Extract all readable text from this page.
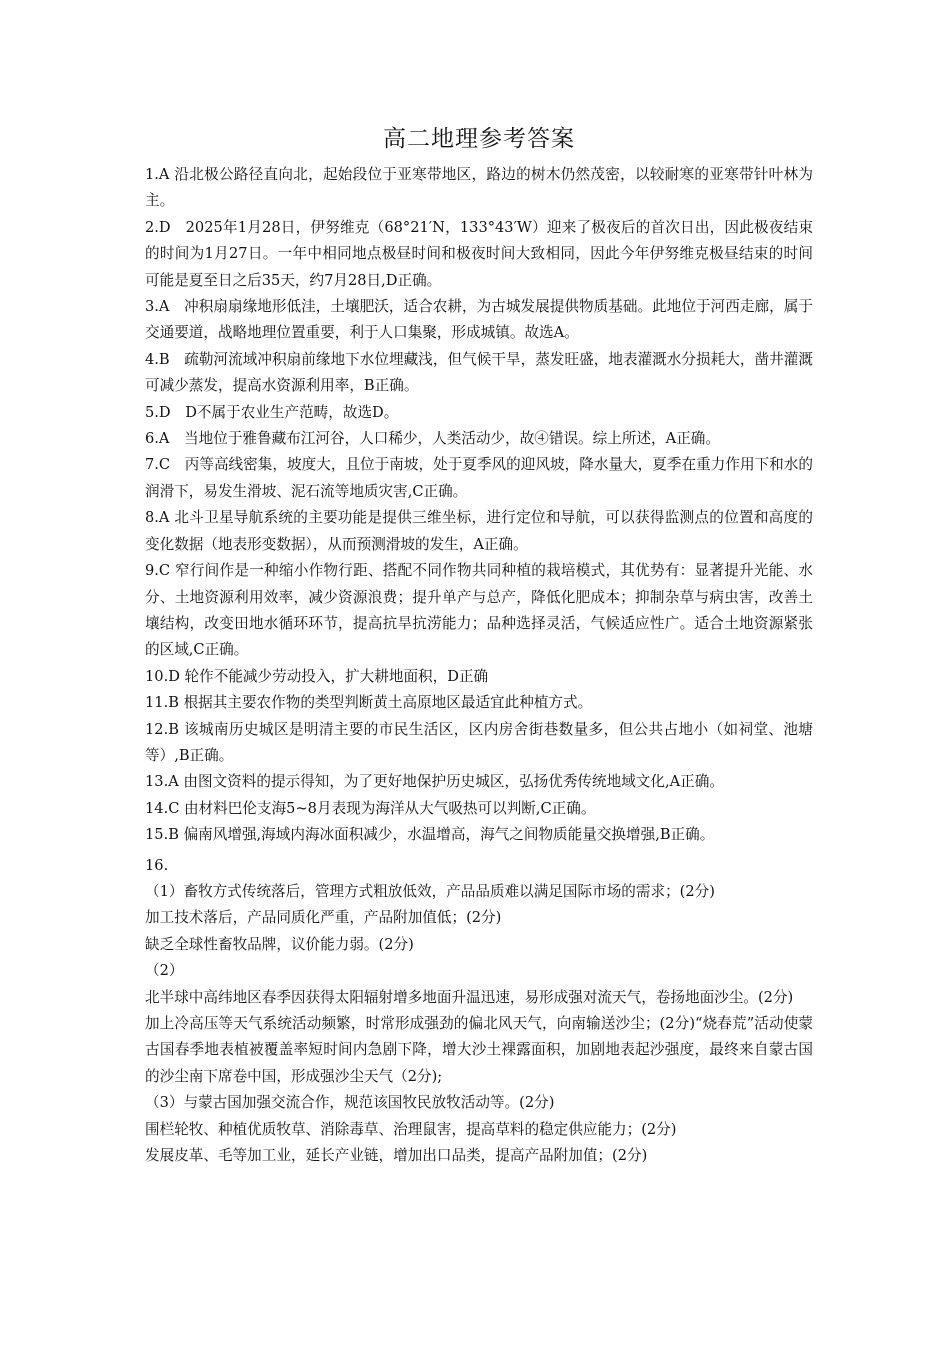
高二地理参考答案

1.A 沿北极公路径直向北，起始段位于亚寒带地区，路边的树木仍然茂密，以较耐寒的亚寒带针叶林为主。

2.D　2025年1月28日，伊努维克（68°21′N，133°43′W）迎来了极夜后的首次日出，因此极夜结束的时间为1月27日。一年中相同地点极昼时间和极夜时间大致相同，因此今年伊努维克极昼结束的时间可能是夏至日之后35天，约7月28日,D正确。

3.A　冲积扇扇缘地形低洼，土壤肥沃，适合农耕，为古城发展提供物质基础。此地位于河西走廊，属于交通要道，战略地理位置重要，利于人口集聚，形成城镇。故选A。

4.B　疏勒河流域冲积扇前缘地下水位埋藏浅，但气候干旱，蒸发旺盛，地表灌溉水分损耗大，凿井灌溉可减少蒸发，提高水资源利用率，B正确。

5.D　D不属于农业生产范畴，故选D。

6.A　当地位于雅鲁藏布江河谷，人口稀少，人类活动少，故④错误。综上所述，A正确。

7.C　丙等高线密集，坡度大，且位于南坡，处于夏季风的迎风坡，降水量大，夏季在重力作用下和水的润滑下，易发生滑坡、泥石流等地质灾害,C正确。

8.A 北斗卫星导航系统的主要功能是提供三维坐标，进行定位和导航，可以获得监测点的位置和高度的变化数据（地表形变数据），从而预测滑坡的发生，A正确。

9.C 窄行间作是一种缩小作物行距、搭配不同作物共同种植的栽培模式，其优势有：显著提升光能、水分、土地资源利用效率，减少资源浪费；提升单产与总产，降低化肥成本；抑制杂草与病虫害，改善土壤结构，改变田地水循环环节，提高抗旱抗涝能力；品种选择灵活，气候适应性广。适合土地资源紧张的区域,C正确。

10.D 轮作不能减少劳动投入，扩大耕地面积，D正确

11.B 根据其主要农作物的类型判断黄土高原地区最适宜此种植方式。

12.B 该城南历史城区是明清主要的市民生活区，区内房舍街巷数量多，但公共占地小（如祠堂、池塘等）,B正确。

13.A 由图文资料的提示得知，为了更好地保护历史城区，弘扬优秀传统地域文化,A正确。

14.C 由材料巴伦支海5~8月表现为海洋从大气吸热可以判断,C正确。

15.B 偏南风增强,海域内海冰面积减少，水温增高，海气之间物质能量交换增强,B正确。

16.

（1）畜牧方式传统落后，管理方式粗放低效，产品品质难以满足国际市场的需求；(2分)

加工技术落后，产品同质化严重，产品附加值低；(2分)

缺乏全球性畜牧品牌，议价能力弱。(2分)

（2）

北半球中高纬地区春季因获得太阳辐射增多地面升温迅速，易形成强对流天气，卷扬地面沙尘。(2分)

加上冷高压等天气系统活动频繁，时常形成强劲的偏北风天气，向南输送沙尘；(2分)“烧春荒”活动使蒙古国春季地表植被覆盖率短时间内急剧下降，增大沙土裸露面积，加剧地表起沙强度，最终来自蒙古国的沙尘南下席卷中国，形成强沙尘天气（2分);

（3）与蒙古国加强交流合作，规范该国牧民放牧活动等。(2分)

围栏轮牧、种植优质牧草、消除毒草、治理鼠害，提高草料的稳定供应能力；(2分)

发展皮革、毛等加工业，延长产业链，增加出口品类，提高产品附加值；(2分)
